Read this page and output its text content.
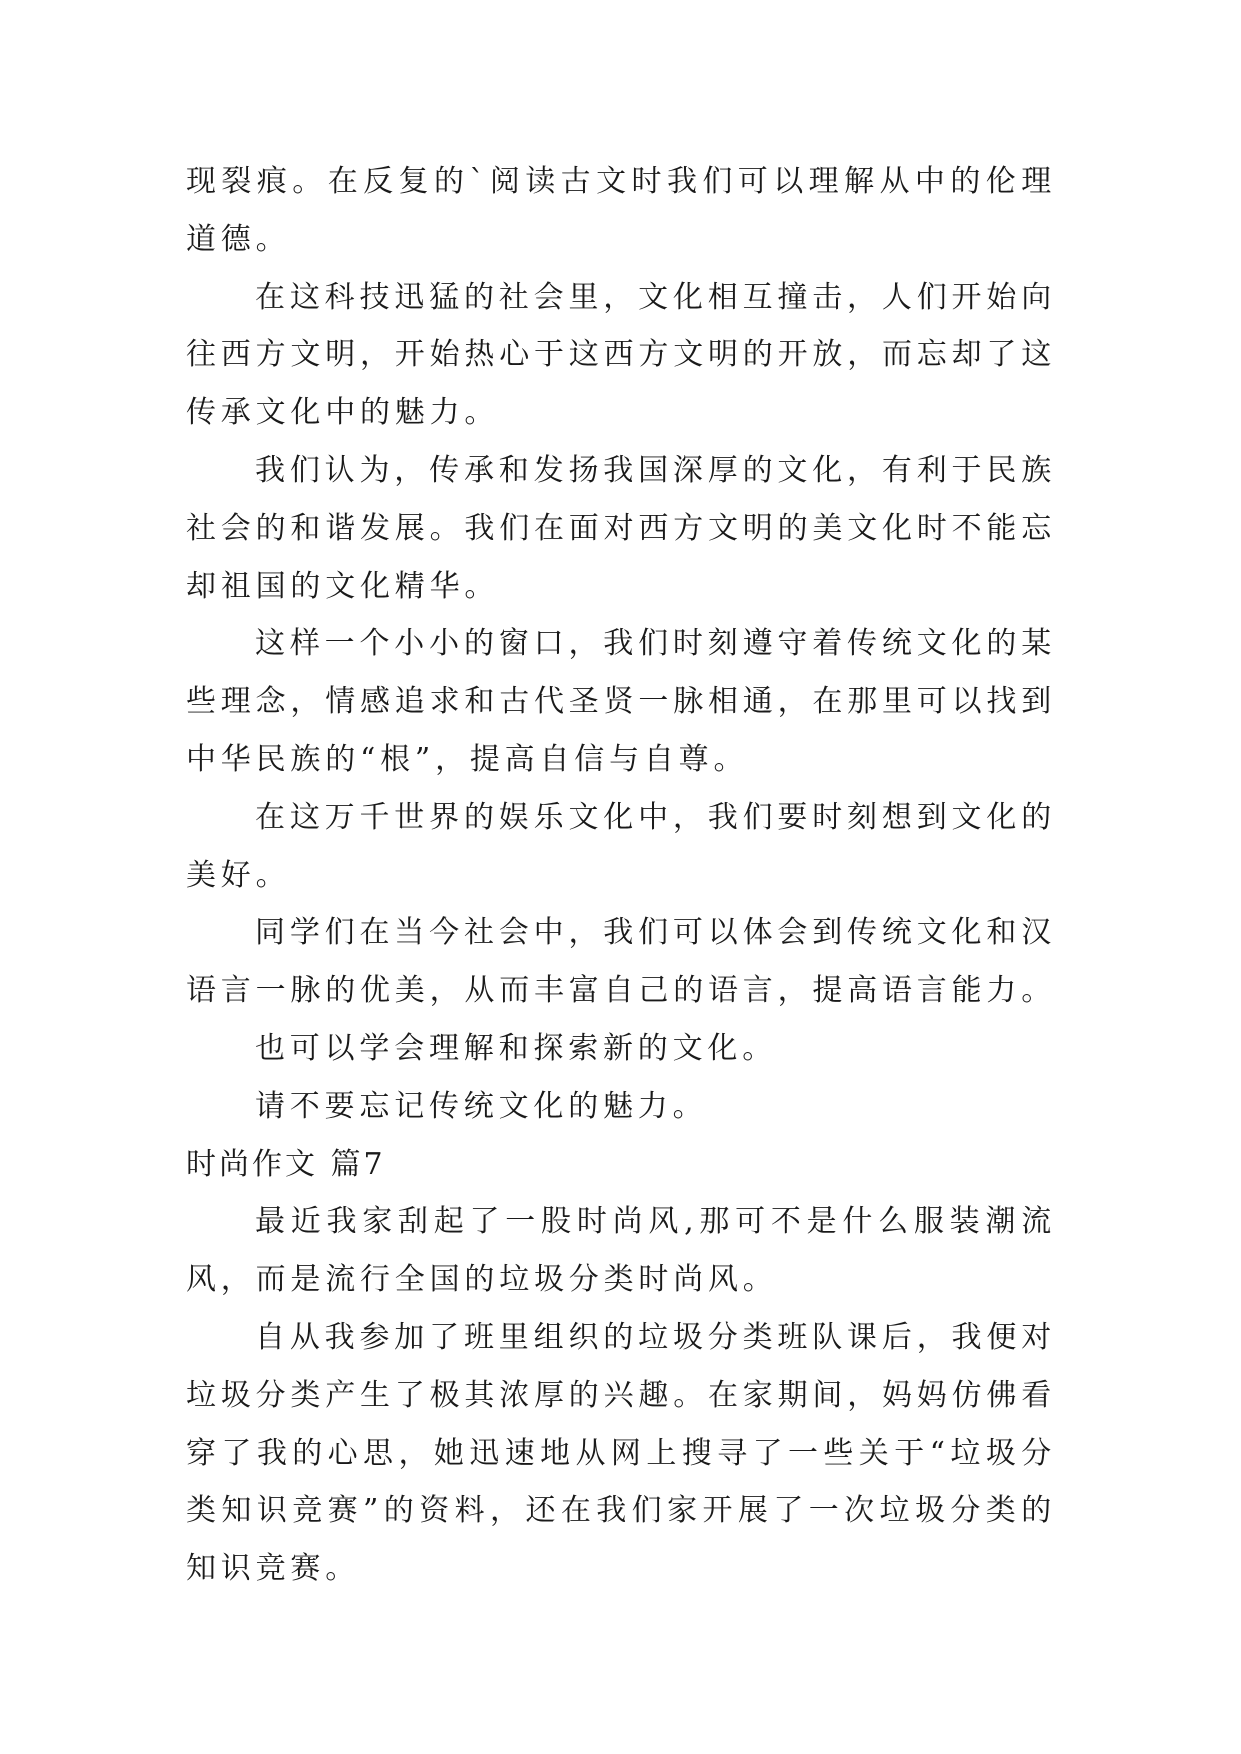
现裂痕。在反复的`阅读古文时我们可以理解从中的伦理道德。

在这科技迅猛的社会里，文化相互撞击，人们开始向往西方文明，开始热心于这西方文明的开放，而忘却了这传承文化中的魅力。

我们认为，传承和发扬我国深厚的文化，有利于民族社会的和谐发展。我们在面对西方文明的美文化时不能忘却祖国的文化精华。

这样一个小小的窗口，我们时刻遵守着传统文化的某些理念，情感追求和古代圣贤一脉相通，在那里可以找到中华民族的“根”，提高自信与自尊。

在这万千世界的娱乐文化中，我们要时刻想到文化的美好。

同学们在当今社会中，我们可以体会到传统文化和汉语言一脉的优美，从而丰富自己的语言，提高语言能力。

也可以学会理解和探索新的文化。

请不要忘记传统文化的魅力。

时尚作文 篇7

最近我家刮起了一股时尚风,那可不是什么服装潮流风，而是流行全国的垃圾分类时尚风。

自从我参加了班里组织的垃圾分类班队课后，我便对垃圾分类产生了极其浓厚的兴趣。在家期间，妈妈仿佛看穿了我的心思，她迅速地从网上搜寻了一些关于“垃圾分类知识竞赛”的资料，还在我们家开展了一次垃圾分类的知识竞赛。
